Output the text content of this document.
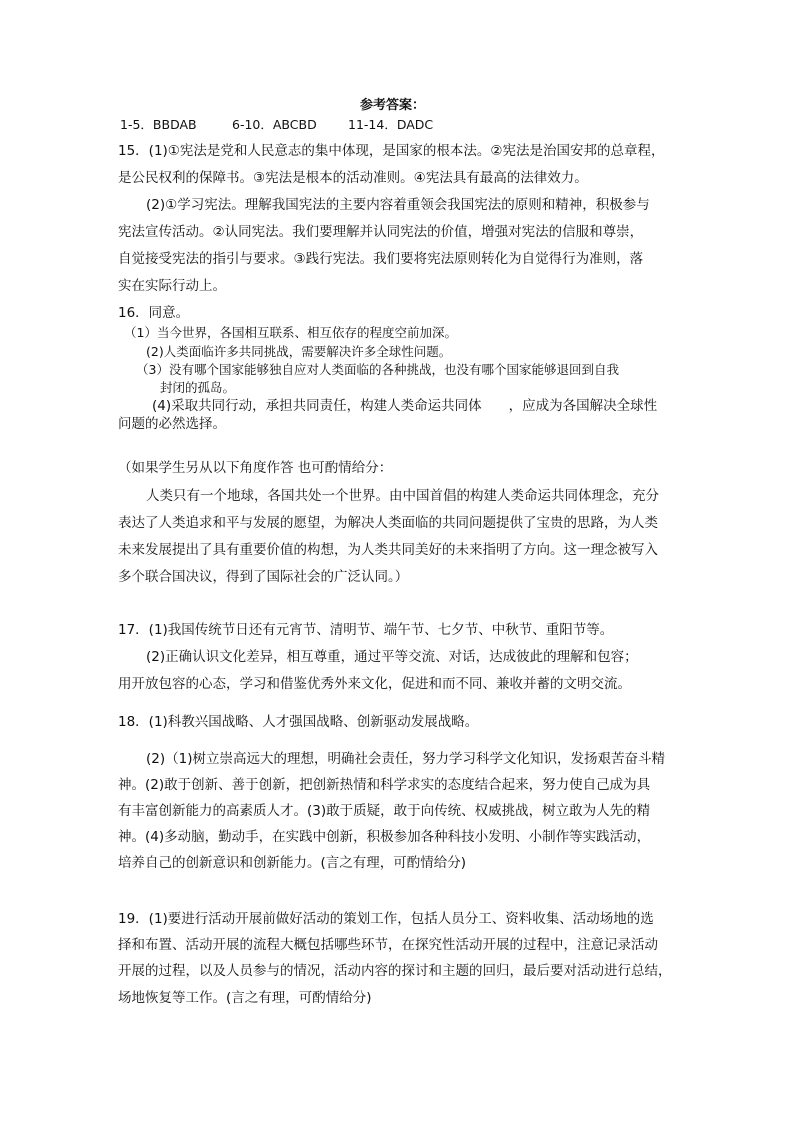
参考答案：
1-5．BBDAB	6-10．ABCBD	11-14．DADC
15．(1)①宪法是党和人民意志的集中体现，是国家的根本法。②宪法是治国安邦的总章程，
是公民权利的保障书。③宪法是根本的活动准则。④宪法具有最高的法律效力。
(2)①学习宪法。理解我国宪法的主要内容着重领会我国宪法的原则和精神，积极参与
宪法宣传活动。②认同宪法。我们要理解并认同宪法的价值，增强对宪法的信服和尊崇，
自觉接受宪法的指引与要求。③践行宪法。我们要将宪法原则转化为自觉得行为准则，落
实在实际行动上。
16．同意。
（1）当今世界，各国相互联系、相互依存的程度空前加深。
(2)人类面临许多共同挑战，需要解决许多全球性问题。
（3）没有哪个国家能够独自应对人类面临的各种挑战，也没有哪个国家能够退回到自我
封闭的孤岛。
(4)采取共同行动，承担共同责任，构建人类命运共同体　　，应成为各国解决全球性
问题的必然选择。
（如果学生另从以下角度作答 也可酌情给分：
人类只有一个地球，各国共处一个世界。由中国首倡的构建人类命运共同体理念，充分
表达了人类追求和平与发展的愿望，为解决人类面临的共同问题提供了宝贵的思路，为人类
未来发展提出了具有重要价值的构想，为人类共同美好的未来指明了方向。这一理念被写入
多个联合国决议，得到了国际社会的广泛认同。）
17．(1)我国传统节日还有元宵节、清明节、端午节、七夕节、中秋节、重阳节等。
(2)正确认识文化差异，相互尊重，通过平等交流、对话，达成彼此的理解和包容；
用开放包容的心态，学习和借鉴优秀外来文化，促进和而不同、兼收并蓄的文明交流。
18．(1)科教兴国战略、人才强国战略、创新驱动发展战略。
(2)（1)树立崇高远大的理想，明确社会责任，努力学习科学文化知识，发扬艰苦奋斗精
神。(2)敢于创新、善于创新，把创新热情和科学求实的态度结合起来，努力使自己成为具
有丰富创新能力的高素质人才。(3)敢于质疑，敢于向传统、权威挑战，树立敢为人先的精
神。(4)多动脑，勤动手，在实践中创新，积极参加各种科技小发明、小制作等实践活动，
培养自己的创新意识和创新能力。(言之有理，可酌情给分)
19．(1)要进行活动开展前做好活动的策划工作，包括人员分工、资料收集、活动场地的选
择和布置、活动开展的流程大概包括哪些环节，在探究性活动开展的过程中，注意记录活动
开展的过程，以及人员参与的情况，活动内容的探讨和主题的回归，最后要对活动进行总结，
场地恢复等工作。(言之有理，可酌情给分)
